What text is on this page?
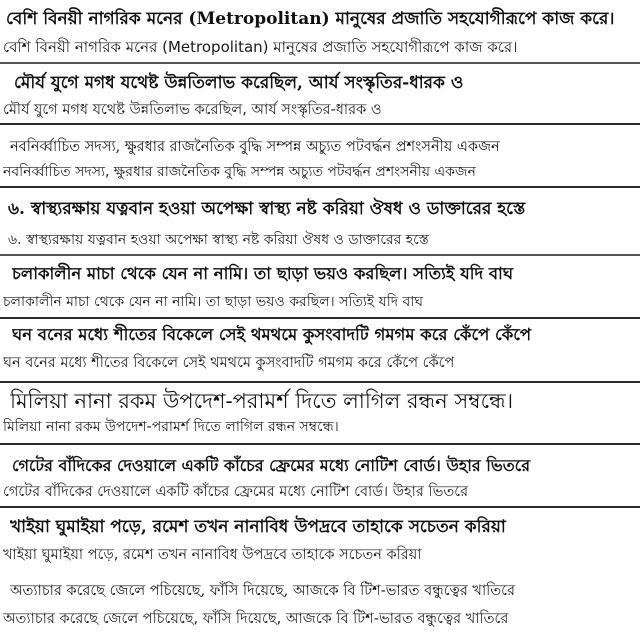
বেশি বিনয়ী নাগরিক মনের (Metropolitan) মানুষের প্রজাতি সহযোগীরূপে কাজ করে।
বেশি বিনয়ী নাগরিক মনের (Metropolitan) মানুষের প্রজাতি সহযোগীরূপে কাজ করে।
মৌর্য যুগে মগধ যথেষ্ট উন্নতিলাভ করেছিল, আর্য সংস্কৃতির-ধারক ও
মৌর্য যুগে মগধ যথেষ্ট উন্নতিলাভ করেছিল, আর্য সংস্কৃতির-ধারক ও
নবনির্ব্বাচিত সদস্য, ক্ষুরধার রাজনৈতিক বুদ্ধি সম্পন্ন অচ্যুত পটবর্দ্ধন প্রশংসনীয় একজন
নবনির্ব্বাচিত সদস্য, ক্ষুরধার রাজনৈতিক বুদ্ধি সম্পন্ন অচ্যুত পটবর্দ্ধন প্রশংসনীয় একজন
৬. স্বাস্থ্যরক্ষায় যত্নবান হওয়া অপেক্ষা স্বাস্থ্য নষ্ট করিয়া ঔষধ ও ডাক্তারের হস্তে
৬. স্বাস্থ্যরক্ষায় যত্নবান হওয়া অপেক্ষা স্বাস্থ্য নষ্ট করিয়া ঔষধ ও ডাক্তারের হস্তে
চলাকালীন মাচা থেকে যেন না নামি। তা ছাড়া ভয়ও করছিল। সত্যিই যদি বাঘ
চলাকালীন মাচা থেকে যেন না নামি। তা ছাড়া ভয়ও করছিল। সত্যিই যদি বাঘ
ঘন বনের মধ্যে শীতের বিকেলে সেই থমথমে কুসংবাদটি গমগম করে কেঁপে কেঁপে
ঘন বনের মধ্যে শীতের বিকেলে সেই থমথমে কুসংবাদটি গমগম করে কেঁপে কেঁপে
মিলিয়া নানা রকম উপদেশ-পরামর্শ দিতে লাগিল রন্ধন সম্বন্ধে।
মিলিয়া নানা রকম উপদেশ-পরামর্শ দিতে লাগিল রন্ধন সম্বন্ধে।
গেটের বাঁদিকের দেওয়ালে একটি কাঁচের ফ্রেমের মধ্যে নোটিশ বোর্ড। উহার ভিতরে
গেটের বাঁদিকের দেওয়ালে একটি কাঁচের ফ্রেমের মধ্যে নোটিশ বোর্ড। উহার ভিতরে
খাইয়া ঘুমাইয়া পড়ে, রমেশ তখন নানাবিধ উপদ্রবে তাহাকে সচেতন করিয়া
খাইয়া ঘুমাইয়া পড়ে, রমেশ তখন নানাবিধ উপদ্রবে তাহাকে সচেতন করিয়া
অত্যাচার করেছে জেলে পচিয়েছে, ফাঁসি দিয়েছে, আজকে বি টিশ-ভারত বন্ধুত্বের খাতিরে
অত্যাচার করেছে জেলে পচিয়েছে, ফাঁসি দিয়েছে, আজকে বি টিশ-ভারত বন্ধুত্বের খাতিরে
